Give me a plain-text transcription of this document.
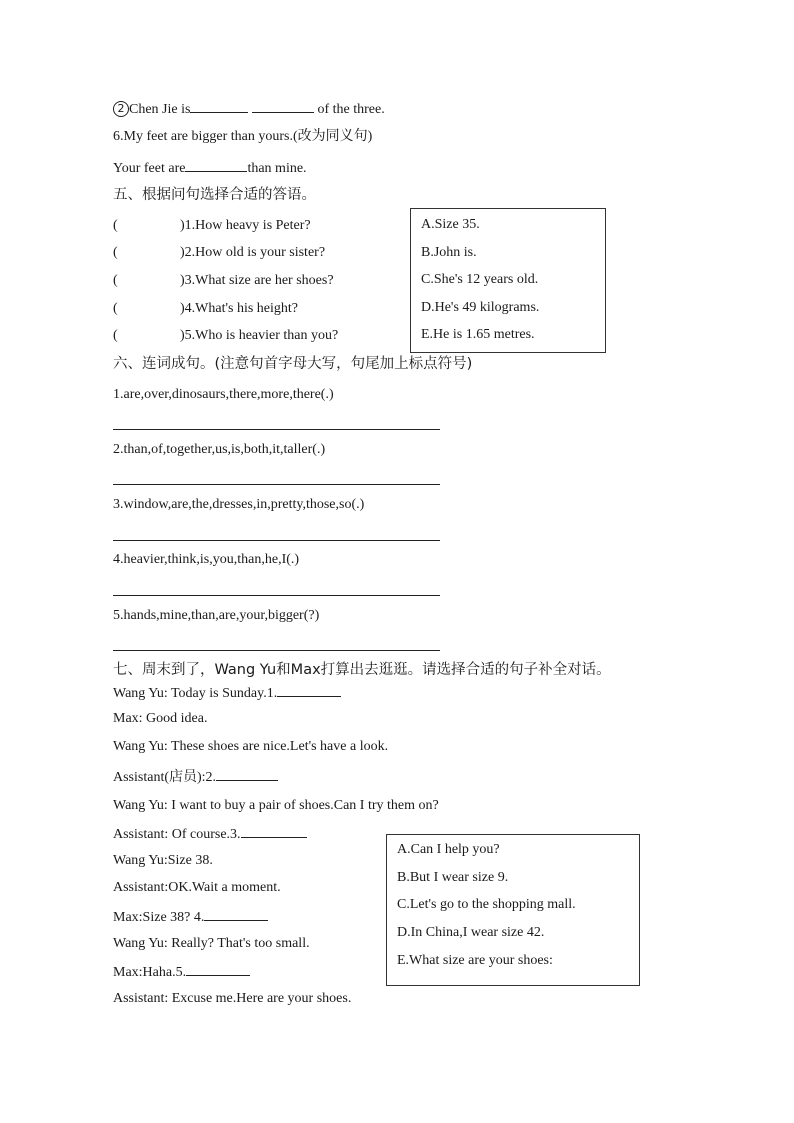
2 Chen Jie is	of the three.
6.My feet are bigger than yours.(改为同义句)
Your feet are	than mine.
五、根据问句选择合适的答语。
(	)1.How heavy is Peter?
(	)2.How old is your sister?
(	)3.What size are her shoes?
(	)4.What's his height?
(	)5.Who is heavier than you?
A.Size 35.
B.John is.
C.She's 12 years old.
D.He's 49 kilograms.
E.He is 1.65 metres.
六、连词成句。(注意句首字母大写，句尾加上标点符号)
1.are,over,dinosaurs,there,more,there(.)
2.than,of,together,us,is,both,it,taller(.)
3.window,are,the,dresses,in,pretty,those,so(.)
4.heavier,think,is,you,than,he,I(.)
5.hands,mine,than,are,your,bigger(?)
七、周末到了，Wang Yu和Max打算出去逛逛。请选择合适的句子补全对话。
Wang Yu: Today is Sunday.1.
Max: Good idea.
Wang Yu: These shoes are nice.Let's have a look.
Assistant(店员):2.
Wang Yu: I want to buy a pair of shoes.Can I try them on?
Assistant: Of course.3.
Wang Yu:Size 38.
Assistant:OK.Wait a moment.
Max:Size 38? 4.
Wang Yu: Really? That's too small.
Max:Haha.5.
Assistant: Excuse me.Here are your shoes.
A.Can I help you?
B.But I wear size 9.
C.Let's go to the shopping mall.
D.In China,I wear size 42.
E.What size are your shoes:
